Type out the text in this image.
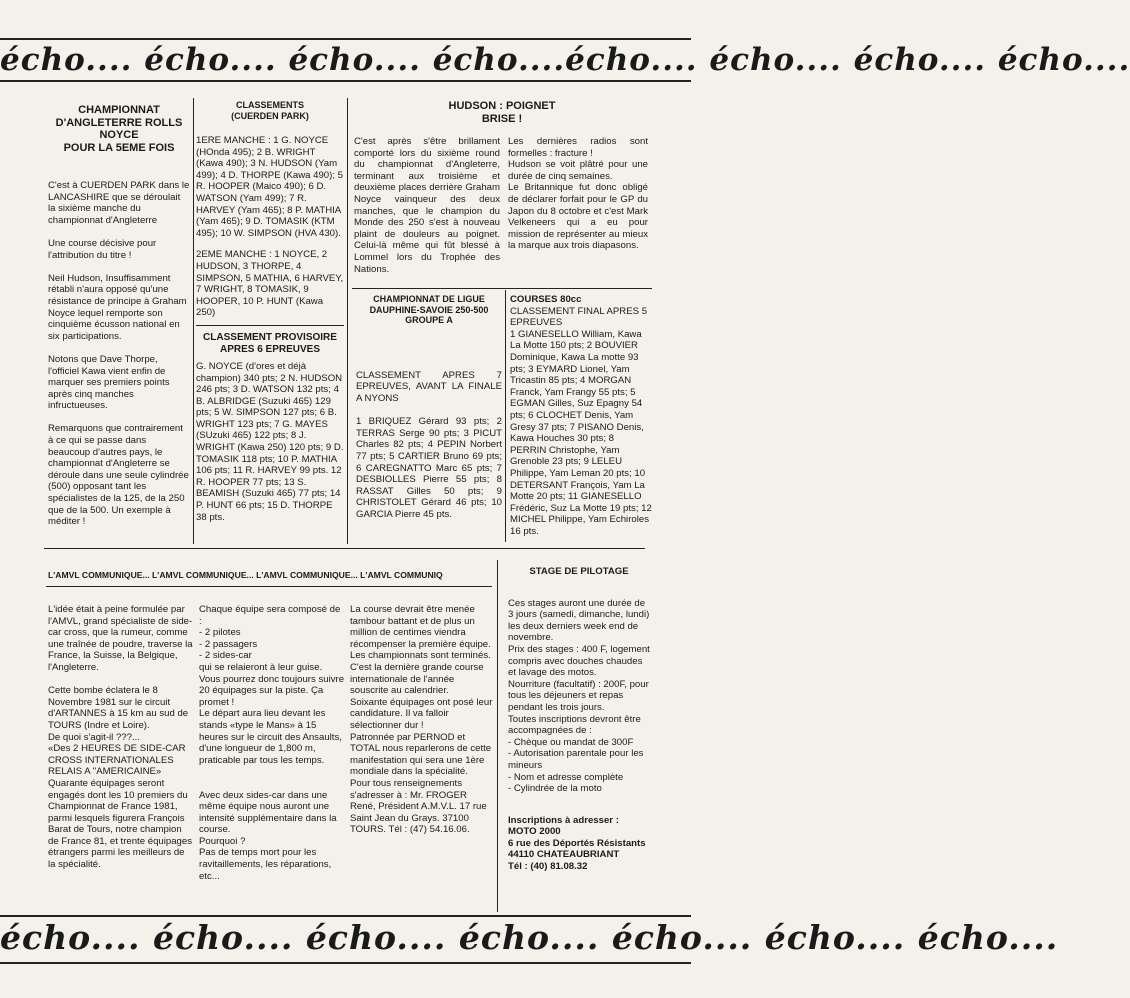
écho.... écho.... écho.... écho....écho.... écho.... écho.... écho....

CHAMPIONNAT
D'ANGLETERRE ROLLS
NOYCE
POUR LA 5EME FOIS

C'est à CUERDEN PARK dans le LANCASHIRE que se déroulait la sixième manche du championnat d'Angleterre

Une course décisive pour l'attribution du titre !

Neil Hudson, Insuffisamment rétabli n'aura opposé qu'une résistance de principe à Graham Noyce lequel remporte son cinquième écusson national en six participations.

Notons que Dave Thorpe, l'officiel Kawa vient enfin de marquer ses premiers points après cinq manches infructueuses.

Remarquons que contrairement à ce qui se passe dans beaucoup d'autres pays, le championnat d'Angleterre se déroule dans une seule cylindrée (500) opposant tant les spécialistes de la 125, de la 250 que de la 500. Un exemple à méditer !

CLASSEMENTS
(CUERDEN PARK)

1ERE MANCHE : 1 G. NOYCE (HOnda 495); 2 B. WRIGHT (Kawa 490); 3 N. HUDSON (Yam 499); 4 D. THORPE (Kawa 490); 5 R. HOOPER (Maico 490); 6 D. WATSON (Yam 499); 7 R. HARVEY (Yam 465); 8 P. MATHIA (Yam 465); 9 D. TOMASIK (KTM 495); 10 W. SIMPSON (HVA 430).

2EME MANCHE : 1 NOYCE, 2 HUDSON, 3 THORPE, 4 SIMPSON, 5 MATHIA, 6 HARVEY, 7 WRIGHT, 8 TOMASIK, 9 HOOPER, 10 P. HUNT (Kawa 250)

CLASSEMENT PROVISOIRE
APRES 6 EPREUVES

G. NOYCE (d'ores et déjà champion) 340 pts; 2 N. HUDSON 246 pts; 3 D. WATSON 132 pts; 4 B. ALBRIDGE (Suzuki 465) 129 pts; 5 W. SIMPSON 127 pts; 6 B. WRIGHT 123 pts; 7 G. MAYES (SUzuki 465) 122 pts; 8 J. WRIGHT (Kawa 250) 120 pts; 9 D. TOMASIK 118 pts; 10 P. MATHIA 106 pts; 11 R. HARVEY 99 pts. 12 R. HOOPER 77 pts; 13 S. BEAMISH (Suzuki 465) 77 pts; 14 P. HUNT 66 pts; 15 D. THORPE 38 pts.

HUDSON : POIGNET
BRISE !

C'est après s'être brillament comporté lors du sixième round du championnat d'Angleterre, terminant aux troisième et deuxième places derrière Graham Noyce vainqueur des deux manches, que le champion du Monde des 250 s'est à nouveau plaint de douleurs au poignet. Celui-là même qui fût blessé à Lommel lors du Trophée des Nations.

Les dernières radios sont formelles : fracture !
Hudson se voit plâtré pour une durée de cinq semaines.
Le Britannique fut donc obligé de déclarer forfait pour le GP du Japon du 8 octobre et c'est Mark Velkeneers qui a eu pour mission de représenter au mieux la marque aux trois diapasons.

CHAMPIONNAT DE LIGUE
DAUPHINE-SAVOIE 250-500
GROUPE A

CLASSEMENT APRES 7 EPREUVES, AVANT LA FINALE A NYONS

1 BRIQUEZ Gérard 93 pts; 2 TERRAS Serge 90 pts; 3 PICUT Charles 82 pts; 4 PEPIN Norbert 77 pts; 5 CARTIER Bruno 69 pts; 6 CAREGNATTO Marc 65 pts; 7 DESBIOLLES Pierre 55 pts; 8 RASSAT Gilles 50 pts; 9 CHRISTOLET Gérard 46 pts; 10 GARCIA Pierre 45 pts.

COURSES 80cc

CLASSEMENT FINAL APRES 5 EPREUVES

1 GIANESELLO William, Kawa La Motte 150 pts; 2 BOUVIER Dominique, Kawa La motte 93 pts; 3 EYMARD Lionel, Yam Tricastin 85 pts; 4 MORGAN Franck, Yam Frangy 55 pts; 5 EGMAN Gilles, Suz Epagny 54 pts; 6 CLOCHET Denis, Yam Gresy 37 pts; 7 PISANO Denis, Kawa Houches 30 pts; 8 PERRIN Christophe, Yam Grenoble 23 pts; 9 LELEU Philippe, Yam Leman 20 pts; 10 DETERSANT François, Yam La Motte 20 pts; 11 GIANESELLO Frédéric, Suz La Motte 19 pts; 12 MICHEL Philippe, Yam Echiroles 16 pts.

L'AMVL COMMUNIQUE... L'AMVL COMMUNIQUE... L'AMVL COMMUNIQUE... L'AMVL COMMUNIQ

L'idée était à peine formulée par l'AMVL, grand spécialiste de side-car cross, que la rumeur, comme une traînée de poudre, traverse la France, la Suisse, la Belgique, l'Angleterre.

Cette bombe éclatera le 8 Novembre 1981 sur le circuit d'ARTANNES à 15 km au sud de TOURS (Indre et Loire).
De quoi s'agit-il ???...
«Des 2 HEURES DE SIDE-CAR CROSS INTERNATIONALES RELAIS A "AMERICAINE»
Quarante équipages seront engagés dont les 10 premiers du Championnat de France 1981, parmi lesquels figurera François Barat de Tours, notre champion de France 81, et trente équipages étrangers parmi les meilleurs de la spécialité.

Chaque équipe sera composé de :
- 2 pilotes
- 2 passagers
- 2 sides-car
qui se relaieront à leur guise.
Vous pourrez donc toujours suivre 20 équipages sur la piste. Ça promet !
Le départ aura lieu devant les stands «type le Mans» à 15 heures sur le circuit des Ansaults, d'une longueur de 1,800 m, praticable par tous les temps.

Avec deux sides-car dans une même équipe nous auront une intensité supplémentaire dans la course.
Pourquoi ?
Pas de temps mort pour les ravitaillements, les réparations, etc...

La course devrait être menée tambour battant et de plus un million de centimes viendra récompenser la première équipe.
Les championnats sont terminés.
C'est la dernière grande course internationale de l'année souscrite au calendrier.
Soixante équipages ont posé leur candidature. Il va falloir sélectionner dur !
Patronnée par PERNOD et TOTAL nous reparlerons de cette manifestation qui sera une 1ère mondiale dans la spécialité.
Pour tous renseignements s'adresser à : Mr. FROGER René, Président A.M.V.L. 17 rue Saint Jean du Grays. 37100 TOURS. Tél : (47) 54.16.06.

STAGE DE PILOTAGE

Ces stages auront une durée de 3 jours (samedi, dimanche, lundi) les deux derniers week end de novembre.
Prix des stages : 400 F, logement compris avec douches chaudes et lavage des motos.
Nourriture (facultatif) : 200F, pour tous les déjeuners et repas pendant les trois jours.
Toutes inscriptions devront être accompagnées de :
- Chèque ou mandat de 300F
- Autorisation parentale pour les mineurs
- Nom et adresse complète
- Cylindrée de la moto

Inscriptions à adresser :
MOTO 2000
6 rue des Déportés Résistants
44110 CHATEAUBRIANT
Tél : (40) 81.08.32

écho.... écho.... écho.... écho.... écho.... écho.... écho....
